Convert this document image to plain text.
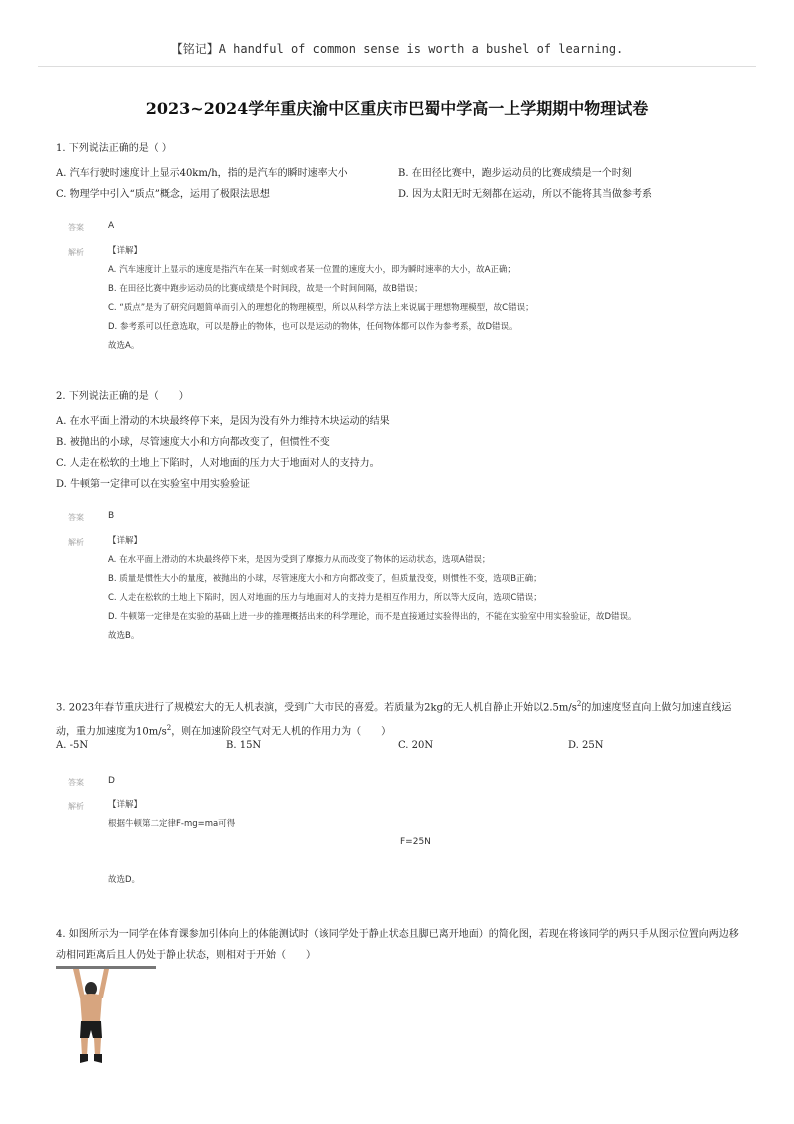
【铭记】A handful of common sense is worth a bushel of learning.
2023~2024学年重庆渝中区重庆市巴蜀中学高一上学期期中物理试卷
1. 下列说法正确的是（ ）
A. 汽车行驶时速度计上显示40km/h，指的是汽车的瞬时速率大小	B. 在田径比赛中，跑步运动员的比赛成绩是一个时刻
C. 物理学中引入“质点”概念，运用了极限法思想	D. 因为太阳无时无刻都在运动，所以不能将其当做参考系
答案	A
解析	【详解】
A. 汽车速度计上显示的速度是指汽车在某一时刻或者某一位置的速度大小，即为瞬时速率的大小，故A正确；
B. 在田径比赛中跑步运动员的比赛成绩是个时间段，故是一个时间间隔，故B错误；
C. “质点”是为了研究问题简单而引入的理想化的物理模型，所以从科学方法上来说属于理想物理模型，故C错误；
D. 参考系可以任意选取，可以是静止的物体，也可以是运动的物体，任何物体都可以作为参考系，故D错误。
故选A。
2. 下列说法正确的是（　　）
A. 在水平面上滑动的木块最终停下来，是因为没有外力维持木块运动的结果
B. 被抛出的小球，尽管速度大小和方向都改变了，但惯性不变
C. 人走在松软的土地上下陷时，人对地面的压力大于地面对人的支持力。
D. 牛顿第一定律可以在实验室中用实验验证
答案	B
解析	【详解】
A. 在水平面上滑动的木块最终停下来，是因为受到了摩擦力从而改变了物体的运动状态，选项A错误；
B. 质量是惯性大小的量度，被抛出的小球，尽管速度大小和方向都改变了，但质量没变，则惯性不变，选项B正确；
C. 人走在松软的土地上下陷时，因人对地面的压力与地面对人的支持力是相互作用力，所以等大反向，选项C错误；
D. 牛顿第一定律是在实验的基础上进一步的推理概括出来的科学理论，而不是直接通过实验得出的，不能在实验室中用实验验证，故D错误。
故选B。
3. 2023年春节重庆进行了规模宏大的无人机表演，受到广大市民的喜爱。若质量为2kg的无人机自静止开始以$2.5m/s^2$的加速度竖直向上做匀加速直线运动，重力加速度为$10m/s^2$，则在加速阶段空气对无人机的作用力为（　　）
A. -5N	B. 15N	C. 20N	D. 25N
答案	D
解析	【详解】
根据牛顿第二定律F-mg=ma可得
F=25N
故选D。
4. 如图所示为一同学在体育课参加引体向上的体能测试时（该同学处于静止状态且脚已离开地面）的简化图，若现在将该同学的两只手从图示位置向两边移动相同距离后且人仍处于静止状态，则相对于开始（　　）
